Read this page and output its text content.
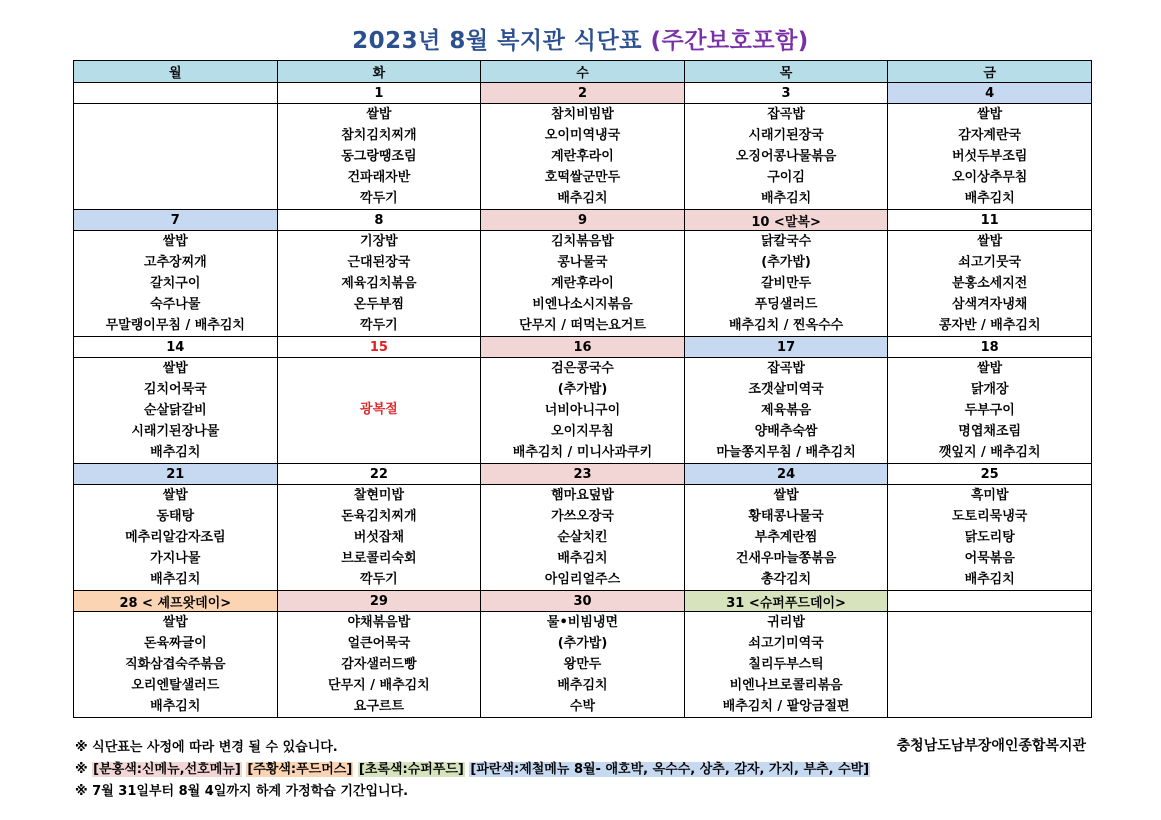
2023년 8월 복지관 식단표 (주간보호포함)
월	화	수	목	금
	1	2	3	4

	쌀밥
참치김치찌개
동그랑땡조림
건파래자반
깍두기	참치비빔밥
오이미역냉국
계란후라이
호떡쌀군만두
배추김치	잡곡밥
시래기된장국
오징어콩나물볶음
구이김
배추김치	쌀밥
감자계란국
버섯두부조림
오이상추무침
배추김치

7	8	9	10 <말복>	11

쌀밥
고추장찌개
갈치구이
숙주나물
무말랭이무침 / 배추김치	기장밥
근대된장국
제육김치볶음
온두부찜
깍두기	김치볶음밥
콩나물국
계란후라이
비엔나소시지볶음
단무지 / 떠먹는요거트	닭칼국수
(추가밥)
갈비만두
푸딩샐러드
배추김치 / 찐옥수수	쌀밥
쇠고기뭇국
분홍소세지전
삼색겨자냉채
콩자반 / 배추김치

14	15	16	17	18

쌀밥
김치어묵국
순살닭갈비
시래기된장나물
배추김치	광복절	검은콩국수
(추가밥)
너비아니구이
오이지무침
배추김치 / 미니사과쿠키	잡곡밥
조갯살미역국
제육볶음
양배추숙쌈
마늘쫑지무침 / 배추김치	쌀밥
닭개장
두부구이
명엽채조림
깻잎지 / 배추김치

21	22	23	24	25

쌀밥
동태탕
메추리알감자조림
가지나물
배추김치	찰현미밥
돈육김치찌개
버섯잡채
브로콜리숙회
깍두기	햄마요덮밥
가쓰오장국
순살치킨
배추김치
아임리얼주스	쌀밥
황태콩나물국
부추계란찜
건새우마늘쫑볶음
총각김치	흑미밥
도토리묵냉국
닭도리탕
어묵볶음
배추김치

28 < 셰프왓데이>	29	30	31 <슈퍼푸드데이>	

쌀밥
돈육짜글이
직화삼겹숙주볶음
오리엔탈샐러드
배추김치	야채볶음밥
얼큰어묵국
감자샐러드빵
단무지 / 배추김치
요구르트	물•비빔냉면
(추가밥)
왕만두
배추김치
수박	귀리밥
쇠고기미역국
칠리두부스틱
비엔나브로콜리볶음
배추김치 / 팥앙금절편	

※ 식단표는 사정에 따라 변경 될 수 있습니다.	충청남도남부장애인종합복지관
※ [분홍색:신메뉴,선호메뉴] [주황색:푸드머스] [초록색:슈퍼푸드] [파란색:제철메뉴 8월- 애호박, 옥수수, 상추, 감자, 가지, 부추, 수박]
※ 7월 31일부터 8월 4일까지 하계 가정학습 기간입니다.
